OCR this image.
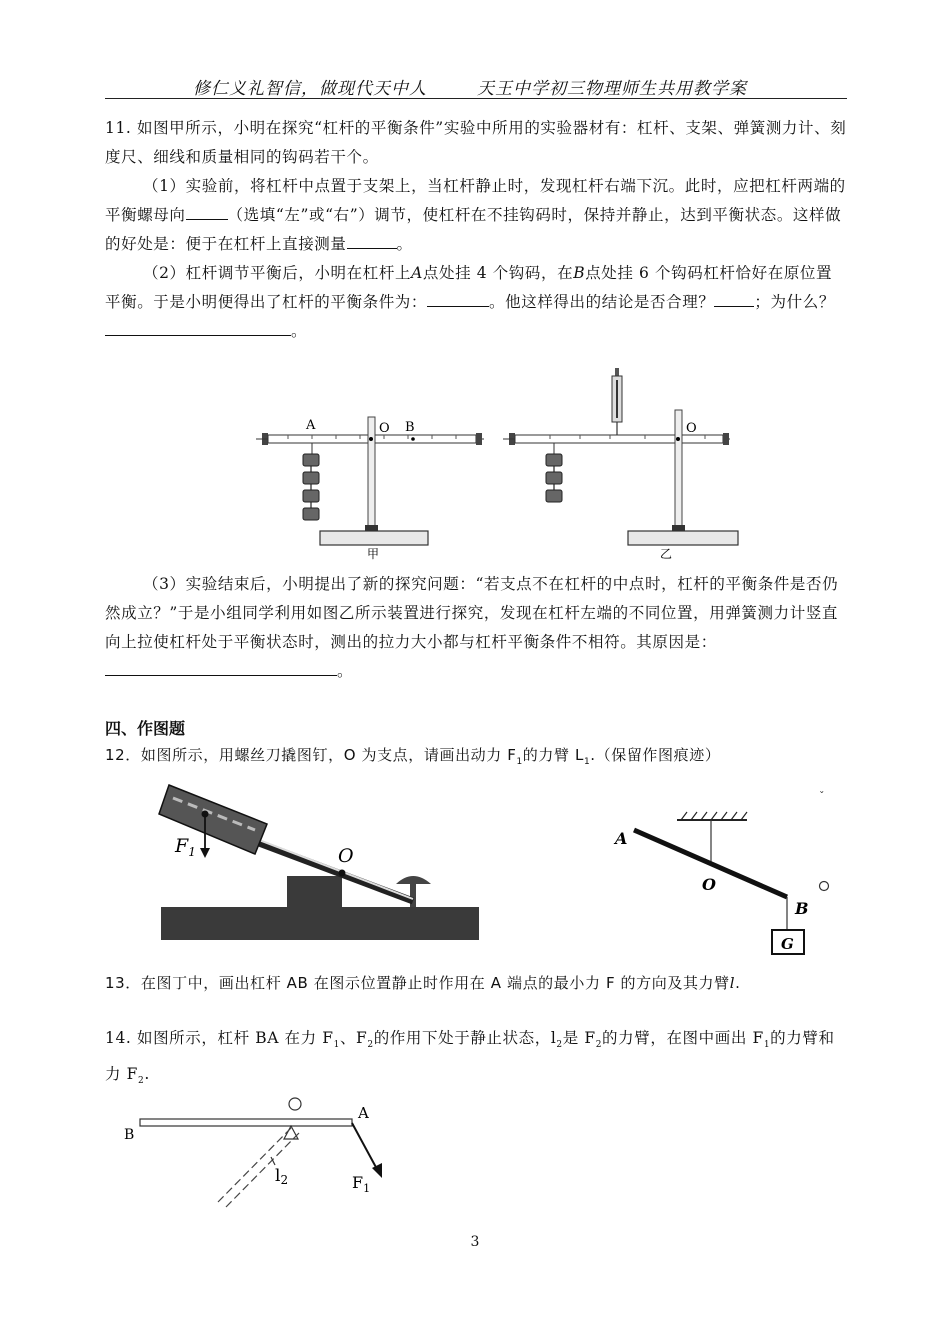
修仁义礼智信，做现代天中人	天王中学初三物理师生共用教学案
11. 如图甲所示，小明在探究“杠杆的平衡条件”实验中所用的实验器材有：杠杆、支架、弹簧测力计、刻度尺、细线和质量相同的钩码若干个。
（1）实验前，将杠杆中点置于支架上，当杠杆静止时，发现杠杆右端下沉。此时，应把杠杆两端的平衡螺母向	（选填“左”或“右”）调节，使杠杆在不挂钩码时，保持并静止，达到平衡状态。这样做的好处是：便于在杠杆上直接测量	。
（2）杠杆调节平衡后，小明在杠杆上A点处挂 4 个钩码，在B点处挂 6 个钩码杠杆恰好在原位置平衡。于是小明便得出了杠杆的平衡条件为：	。他这样得出的结论是否合理？	；为什么？。
A	O B
甲
O
乙
（3）实验结束后，小明提出了新的探究问题：“若支点不在杠杆的中点时，杠杆的平衡条件是否仍然成立？”于是小组同学利用如图乙所示装置进行探究，发现在杠杆左端的不同位置，用弹簧测力计竖直向上拉使杠杆处于平衡状态时，测出的拉力大小都与杠杆平衡条件不相符。其原因是：。
四、作图题
12．如图所示，用螺丝刀撬图钉，O 为支点，请画出动力 $F_1$的力臂 $L_1$.（保留作图痕迹）
$F_1$	O
ˇ
A
O
B
G
13．在图丁中，画出杠杆 AB 在图示位置静止时作用在 A 端点的最小力 F 的方向及其力臂l.
14. 如图所示，杠杆 BA 在力 $F_1$、$F_2$的作用下处于静止状态，$l_2$是 $F_2$的力臂，在图中画出 $F_1$的力臂和力 $F_2$.
B
A
l2	$F_1$
3
